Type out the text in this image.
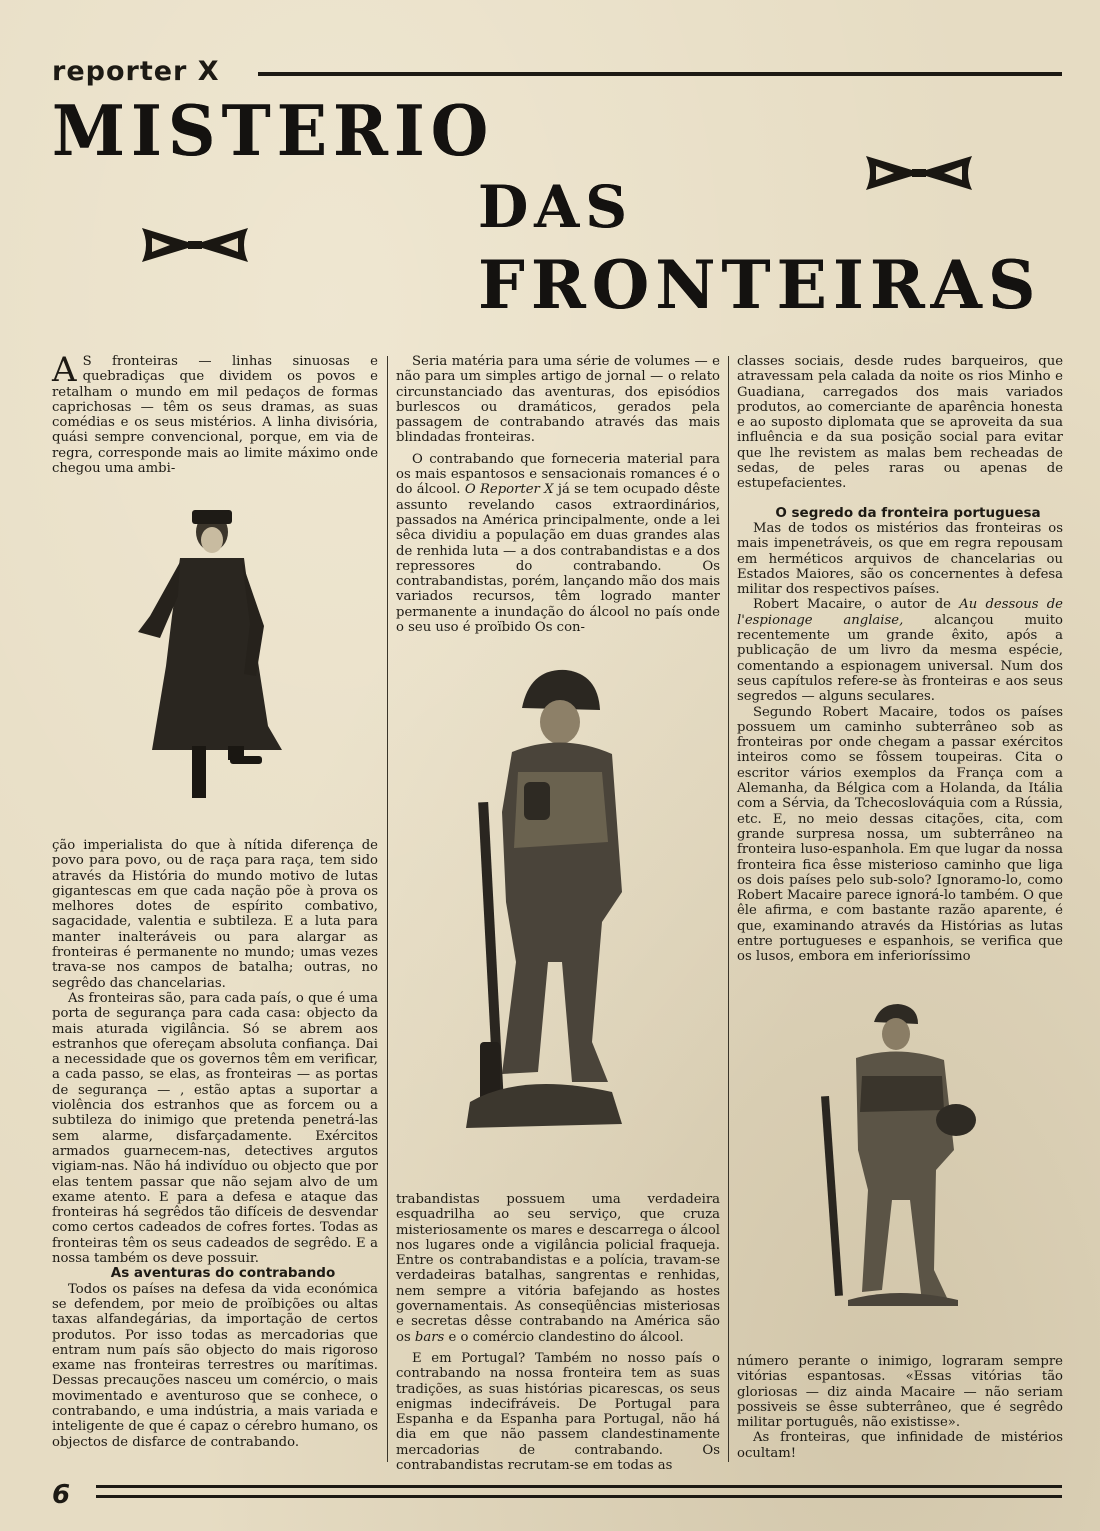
reporter X
MISTERIO
DAS
FRONTEIRAS

A S fronteiras — linhas sinuosas e quebradiças que dividem os povos e retalham o mundo em mil pedaços de formas caprichosas — têm os seus dramas, as suas comédias e os seus mistérios. A linha divisória, quási sempre convencional, porque, em via de regra, corresponde mais ao limite máximo onde chegou uma ambi-

ção imperialista do que à nítida diferença de povo para povo, ou de raça para raça, tem sido através da História do mundo motivo de lutas gigantescas em que cada nação põe à prova os melhores dotes de espírito combativo, sagacidade, valentia e subtileza. E a luta para manter inalteráveis ou para alargar as fronteiras é permanente no mundo; umas vezes trava-se nos campos de batalha; outras, no segrêdo das chancelarias.

As fronteiras são, para cada país, o que é uma porta de segurança para cada casa: objecto da mais aturada vigilância. Só se abrem aos estranhos que ofereçam absoluta confiança. Dai a necessidade que os governos têm em verificar, a cada passo, se elas, as fronteiras — as portas de segurança — , estão aptas a suportar a violência dos estranhos que as forcem ou a subtileza do inimigo que pretenda penetrá-las sem alarme, disfarçadamente. Exércitos armados guarnecem-nas, detectives argutos vigiam-nas. Não há indivíduo ou objecto que por elas tentem passar que não sejam alvo de um exame atento. E para a defesa e ataque das fronteiras há segrêdos tão difíceis de desvendar como certos cadeados de cofres fortes. Todas as fronteiras têm os seus cadeados de segrêdo. E a nossa também os deve possuir.

As aventuras do contrabando

Todos os países na defesa da vida económica se defendem, por meio de proïbições ou altas taxas alfandegárias, da importação de certos produtos. Por isso todas as mercadorias que entram num país são objecto do mais rigoroso exame nas fronteiras terrestres ou marítimas. Dessas precauções nasceu um comércio, o mais movimentado e aventuroso que se conhece, o contrabando, e uma indústria, a mais variada e inteligente de que é capaz o cérebro humano, os objectos de disfarce de contrabando.

Seria matéria para uma série de volumes — e não para um simples artigo de jornal — o relato circunstanciado das aventuras, dos episódios burlescos ou dramáticos, gerados pela passagem de contrabando através das mais blindadas fronteiras.

O contrabando que forneceria material para os mais espantosos e sensacionais romances é o do álcool. O Reporter X já se tem ocupado dêste assunto revelando casos extraordinários, passados na América principalmente, onde a lei sêca dividiu a população em duas grandes alas de renhida luta — a dos contrabandistas e a dos repressores do contrabando. Os contrabandistas, porém, lançando mão dos mais variados recursos, têm logrado manter permanente a inundação do álcool no país onde o seu uso é proïbido Os con-

trabandistas possuem uma verdadeira esquadrilha ao seu serviço, que cruza misteriosamente os mares e descarrega o álcool nos lugares onde a vigilância policial fraqueja. Entre os contrabandistas e a polícia, travam-se verdadeiras batalhas, sangrentas e renhidas, nem sempre a vitória bafejando as hostes governamentais. As conseqüências misteriosas e secretas dêsse contrabando na América são os bars e o comércio clandestino do álcool.

E em Portugal? Também no nosso país o contrabando na nossa fronteira tem as suas tradições, as suas histórias picarescas, os seus enigmas indecifráveis. De Portugal para Espanha e da Espanha para Portugal, não há dia em que não passem clandestinamente mercadorias de contrabando. Os contrabandistas recrutam-se em todas as

classes sociais, desde rudes barqueiros, que atravessam pela calada da noite os rios Minho e Guadiana, carregados dos mais variados produtos, ao comerciante de aparência honesta e ao suposto diplomata que se aproveita da sua influência e da sua posição social para evitar que lhe revistem as malas bem recheadas de sedas, de peles raras ou apenas de estupefacientes.

O segredo da fronteira portuguesa

Mas de todos os mistérios das fronteiras os mais impenetráveis, os que em regra repousam em herméticos arquivos de chancelarias ou Estados Maiores, são os concernentes à defesa militar dos respectivos países.

Robert Macaire, o autor de Au dessous de l'espionage anglaise, alcançou muito recentemente um grande êxito, após a publicação de um livro da mesma espécie, comentando a espionagem universal. Num dos seus capítulos refere-se às fronteiras e aos seus segredos — alguns seculares.

Segundo Robert Macaire, todos os países possuem um caminho subterrâneo sob as fronteiras por onde chegam a passar exércitos inteiros como se fôssem toupeiras. Cita o escritor vários exemplos da França com a Alemanha, da Bélgica com a Holanda, da Itália com a Sérvia, da Tchecoslováquia com a Rússia, etc. E, no meio dessas citações, cita, com grande surpresa nossa, um subterrâneo na fronteira luso-espanhola. Em que lugar da nossa fronteira fica êsse misterioso caminho que liga os dois países pelo sub-solo? Ignoramo-lo, como Robert Macaire parece ignorá-lo também. O que êle afirma, e com bastante razão aparente, é que, examinando através da Histórias as lutas entre portugueses e espanhois, se verifica que os lusos, embora em inferioríssimo

número perante o inimigo, lograram sempre vitórias espantosas. «Essas vitórias tão gloriosas — diz ainda Macaire — não seriam possiveis se êsse subterrâneo, que é segrêdo militar português, não existisse».

As fronteiras, que infinidade de mistérios ocultam!

6
